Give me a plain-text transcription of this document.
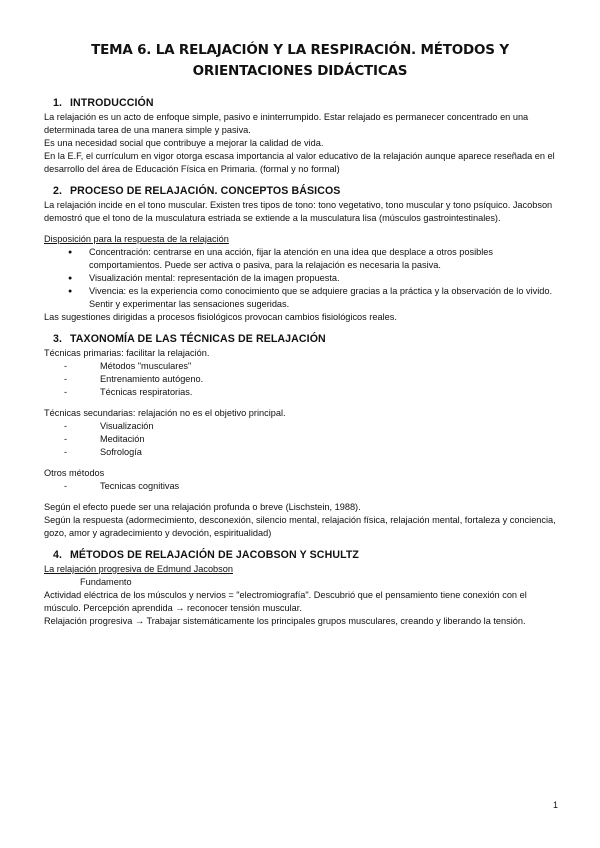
TEMA 6. LA RELAJACIÓN Y LA RESPIRACIÓN. MÉTODOS Y ORIENTACIONES DIDÁCTICAS
1. INTRODUCCIÓN

La relajación es un acto de enfoque simple, pasivo e ininterrumpido. Estar relajado es permanecer concentrado en una determinada tarea de una manera simple y pasiva.

Es una necesidad social que contribuye a mejorar la calidad de vida.

En la E.F, el currículum en vigor otorga escasa importancia al valor educativo de la relajación aunque aparece reseñada en el desarrollo del área de Educación Física en Primaria. (formal y no formal)

2. PROCESO DE RELAJACIÓN. CONCEPTOS BÁSICOS

La relajación incide en el tono muscular. Existen tres tipos de tono: tono vegetativo, tono muscular y tono psíquico. Jacobson demostró que el tono de la musculatura estriada se extiende a la musculatura lisa (músculos gastrointestinales).

Disposición para la respuesta de la relajación

● Concentración: centrarse en una acción, fijar la atención en una idea que desplace a otros posibles comportamientos. Puede ser activa o pasiva, para la relajación es necesaria la pasiva.
● Visualización mental: representación de la imagen propuesta.
● Vivencia: es la experiencia como conocimiento que se adquiere gracias a la práctica y la observación de lo vivido. Sentir y experimentar las sensaciones sugeridas.

Las sugestiones dirigidas a procesos fisiológicos provocan cambios fisiológicos reales.

3. TAXONOMÍA DE LAS TÉCNICAS DE RELAJACIÓN

Técnicas primarias: facilitar la relajación.

- Métodos "musculares"
- Entrenamiento autógeno.
- Técnicas respiratorias.

Técnicas secundarias: relajación no es el objetivo principal.

- Visualización
- Meditación
- Sofrología

Otros métodos

- Tecnicas cognitivas

Según el efecto puede ser una relajación profunda o breve (Lischstein, 1988).

Según la respuesta (adormecimiento, desconexión, silencio mental, relajación física, relajación mental, fortaleza y conciencia, gozo, amor y agradecimiento y devoción, espiritualidad)

4. MÉTODOS DE RELAJACIÓN DE JACOBSON Y SCHULTZ

La relajación progresiva de Edmund Jacobson

Fundamento

Actividad eléctrica de los músculos y nervios = "electromiografía". Descubrió que el pensamiento tiene conexión con el músculo. Percepción aprendida → reconocer tensión muscular.

Relajación progresiva → Trabajar sistemáticamente los principales grupos musculares, creando y liberando la tensión.

1
